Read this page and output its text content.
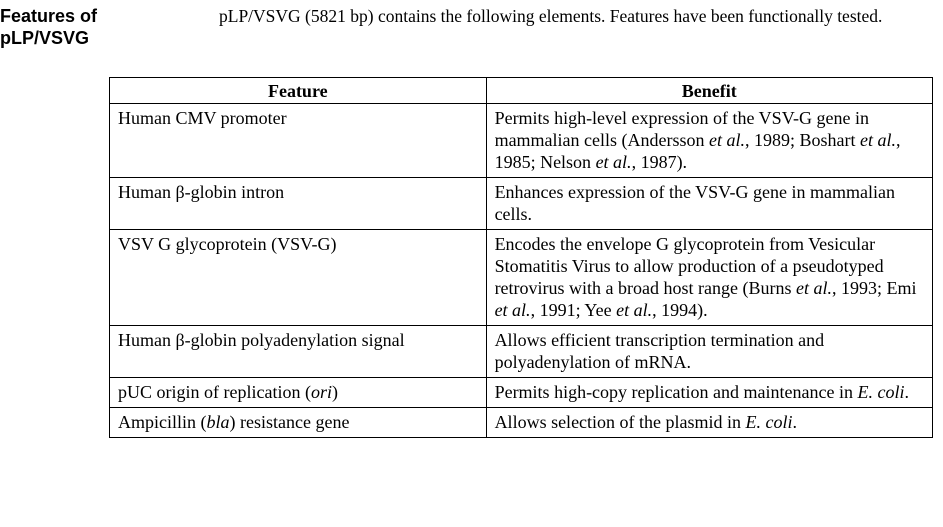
Features of
pLP/VSVG
pLP/VSVG (5821 bp) contains the following elements. Features have been functionally tested.
Feature	Benefit
Human CMV promoter	Permits high-level expression of the VSV-G gene in mammalian cells (Andersson et al., 1989; Boshart et al., 1985; Nelson et al., 1987).
Human β-globin intron	Enhances expression of the VSV-G gene in mammalian cells.
VSV G glycoprotein (VSV-G)	Encodes the envelope G glycoprotein from Vesicular Stomatitis Virus to allow production of a pseudotyped retrovirus with a broad host range (Burns et al., 1993; Emi et al., 1991; Yee et al., 1994).
Human β-globin polyadenylation signal	Allows efficient transcription termination and polyadenylation of mRNA.
pUC origin of replication (ori)	Permits high-copy replication and maintenance in E. coli.
Ampicillin (bla) resistance gene	Allows selection of the plasmid in E. coli.
